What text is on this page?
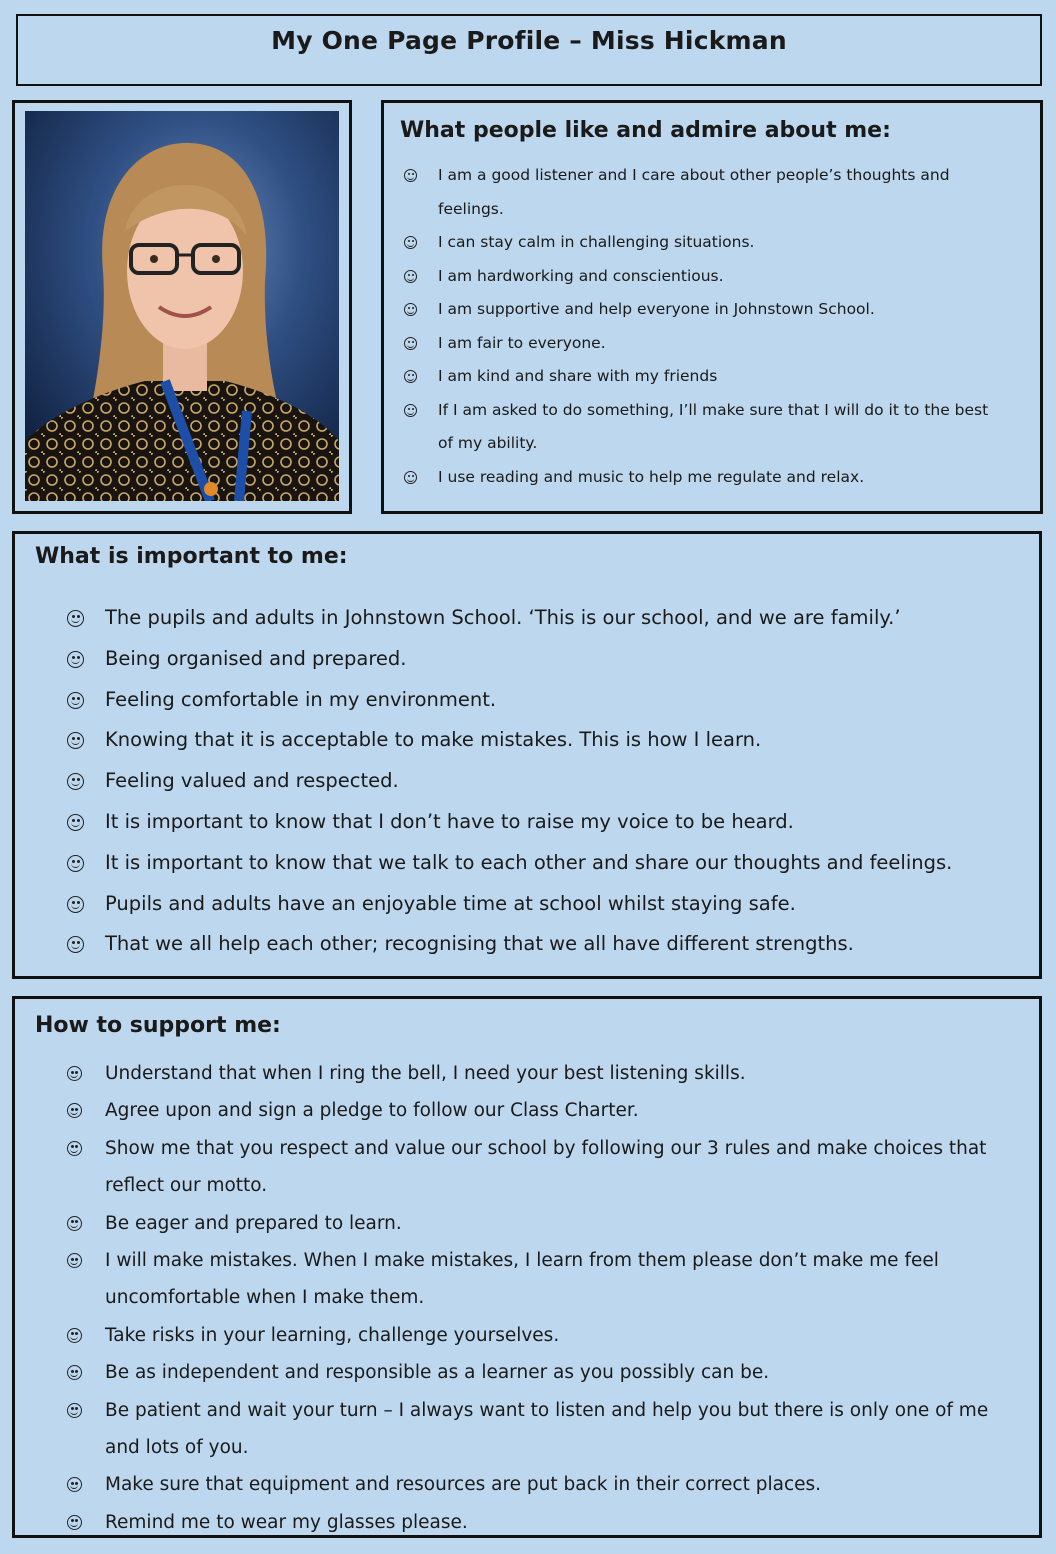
My One Page Profile – Miss Hickman
What people like and admire about me:
I am a good listener and I care about other people’s thoughts and feelings.
I can stay calm in challenging situations.
I am hardworking and conscientious.
I am supportive and help everyone in Johnstown School.
I am fair to everyone.
I am kind and share with my friends
If I am asked to do something, I’ll make sure that I will do it to the best of my ability.
I use reading and music to help me regulate and relax.
What is important to me:
The pupils and adults in Johnstown School. ‘This is our school, and we are family.’
Being organised and prepared.
Feeling comfortable in my environment.
Knowing that it is acceptable to make mistakes. This is how I learn.
Feeling valued and respected.
It is important to know that I don’t have to raise my voice to be heard.
It is important to know that we talk to each other and share our thoughts and feelings.
Pupils and adults have an enjoyable time at school whilst staying safe.
That we all help each other; recognising that we all have different strengths.
How to support me:
Understand that when I ring the bell, I need your best listening skills.
Agree upon and sign a pledge to follow our Class Charter.
Show me that you respect and value our school by following our 3 rules and make choices that reflect our motto.
Be eager and prepared to learn.
I will make mistakes. When I make mistakes, I learn from them please don’t make me feel uncomfortable when I make them.
Take risks in your learning, challenge yourselves.
Be as independent and responsible as a learner as you possibly can be.
Be patient and wait your turn – I always want to listen and help you but there is only one of me and lots of you.
Make sure that equipment and resources are put back in their correct places.
Remind me to wear my glasses please.
